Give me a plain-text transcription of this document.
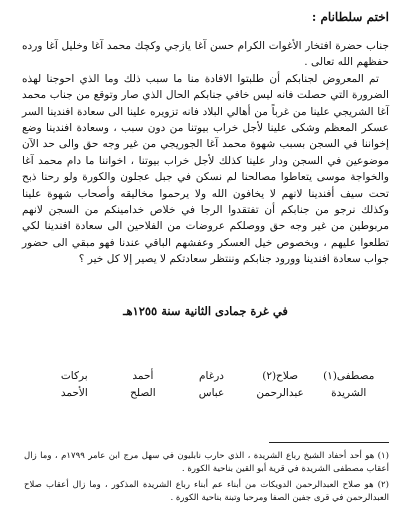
اختم سلطانام :

جناب حضرة افتخار الأغوات الكرام حسن آغا يازجي وكچك محمد آغا وخليل آغا ورده حفظهم الله تعالى .

تم المعروض لجنابكم أن طلبتوا الافادة منا ما سبب ذلك وما الذي احوجنا لهذه الضرورة التي حصلت فانه ليس خافي جنابكم الحال الذي صار وتوقع من جناب محمد آغا الشريجي علينا من غرباً من أهالي البلاد فانه تزويره علينا الى سعادة افندينا السر عسكر المعظم وشكى علينا لأجل خراب بيوتنا من دون سبب ، وسعادة افندينا وضع إخواننا في السجن بسبب شهوة محمد آغا الجوريجي من غير وجه حق والى حد الآن موضوعين في السجن ودار علينا كذلك لأجل خراب بيوتنا ، اخواننا ما دام محمد آغا والخواجة موسى يتعاطوا مصالحنا لم نسكن في جبل عجلون والكورة ولو رحنا ذبح تحت سيف أفندينا لانهم لا يخافون الله ولا يرحموا مخاليقه وأصحاب شهوة علينا وكذلك نرجو من جنابكم أن تفتقدوا الرجا في خلاص خدامينكم من السجن لانهم مربوطين من غير وجه حق ووصلكم عروضات من الفلاحين الى سعادة افندينا لكي تطلعوا عليهم ، وبخصوص خيل العسكر وعفشهم الباقي عندنا فهو مبقي الى حضور جواب سعادة افندينا وورود جنابكم وننتظر سعادتكم لا يصير إلا كل خير ؟

في غرة جمادى الثانية سنة ١٢٥٥هـ

مصطفى(١)
الشريدة
صلاح(٢)
عبدالرحمن
درغام
عباس
أحمد
الصلح
بركات
الأحمد

(١) هو أحد أحفاد الشيخ رباع الشريدة ، الذي حارب نابليون في سهل مرج ابن عامر ١٧٩٩م ، وما زال أعقاب مصطفى الشريدة في قرية أبو القين بناحية الكورة .

(٢) هو صلاح العبدالرحمن الدويكات من أبناء عم أبناء رباع الشريدة المذكور ، وما زال أعقاب صلاح العبدالرحمن في قرى جفين الصفا ومرحبا وتبنة بناحية الكورة .
